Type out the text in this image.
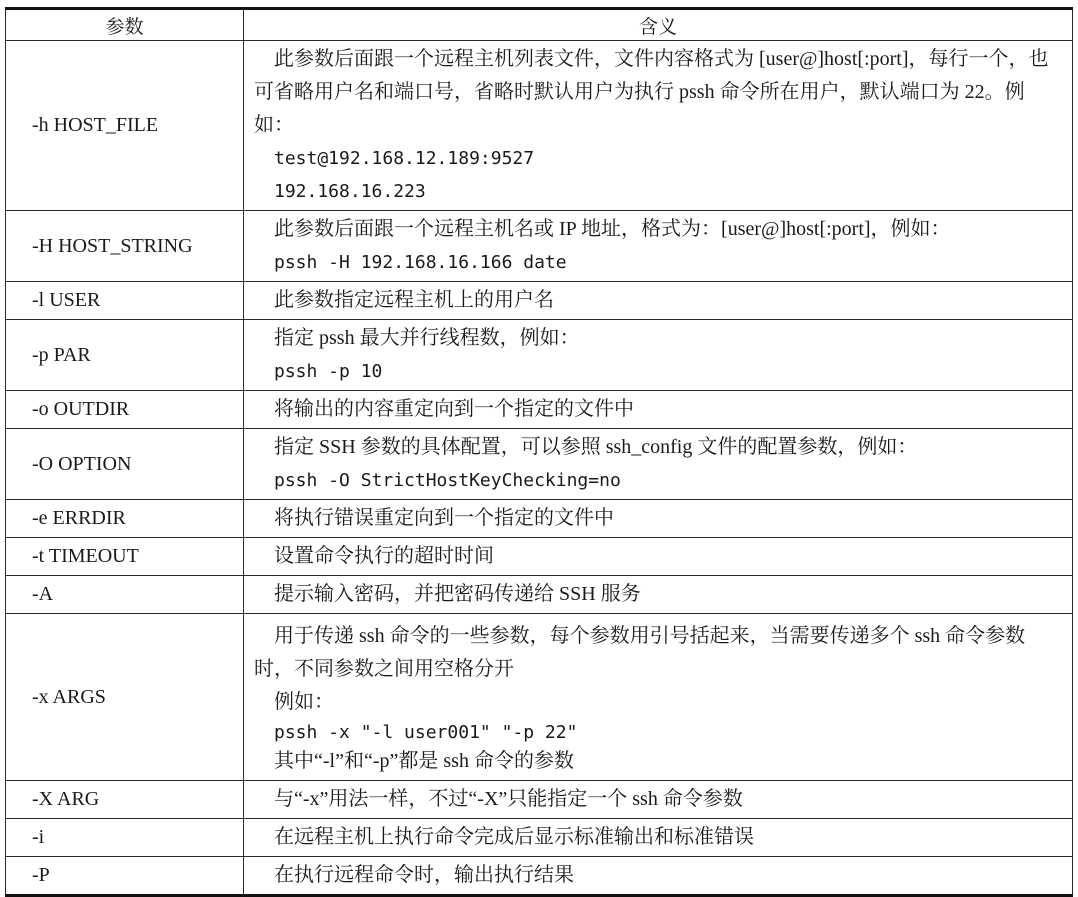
参数	含义
-h HOST_FILE	此参数后面跟一个远程主机列表文件，文件内容格式为 [user@]host[:port]，每行一个，也可省略用户名和端口号，省略时默认用户为执行 pssh 命令所在用户，默认端口为 22。例如：
test@192.168.12.189:9527
192.168.16.223

-H HOST_STRING	此参数后面跟一个远程主机名或 IP 地址，格式为：[user@]host[:port]，例如：
pssh -H 192.168.16.166 date

-l USER	此参数指定远程主机上的用户名

-p PAR	指定 pssh 最大并行线程数，例如：
pssh -p 10

-o OUTDIR	将输出的内容重定向到一个指定的文件中

-O OPTION	指定 SSH 参数的具体配置，可以参照 ssh_config 文件的配置参数，例如：
pssh -O StrictHostKeyChecking=no

-e ERRDIR	将执行错误重定向到一个指定的文件中

-t TIMEOUT	设置命令执行的超时时间

-A	提示输入密码，并把密码传递给 SSH 服务

-x ARGS	用于传递 ssh 命令的一些参数，每个参数用引号括起来，当需要传递多个 ssh 命令参数时，不同参数之间用空格分开
例如：
pssh -x "-l user001" "-p 22"
其中“-l”和“-p”都是 ssh 命令的参数

-X ARG	与“-x”用法一样，不过“-X”只能指定一个 ssh 命令参数

-i	在远程主机上执行命令完成后显示标准输出和标准错误

-P	在执行远程命令时，输出执行结果
